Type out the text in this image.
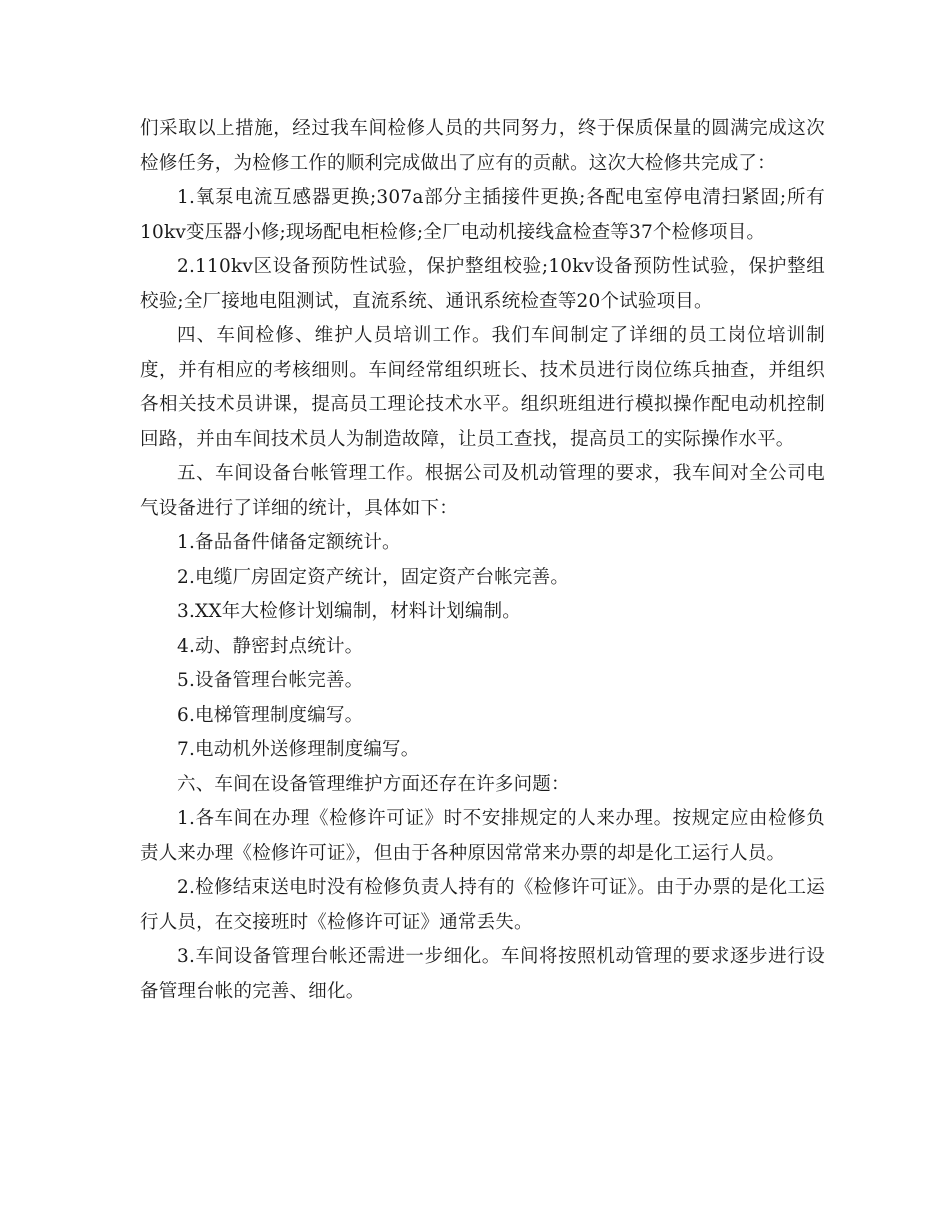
们采取以上措施，经过我车间检修人员的共同努力，终于保质保量的圆满完成这次检修任务，为检修工作的顺利完成做出了应有的贡献。这次大检修共完成了：

1.氧泵电流互感器更换;307a部分主插接件更换;各配电室停电清扫紧固;所有10kv变压器小修;现场配电柜检修;全厂电动机接线盒检查等37个检修项目。

2.110kv区设备预防性试验，保护整组校验;10kv设备预防性试验，保护整组校验;全厂接地电阻测试，直流系统、通讯系统检查等20个试验项目。

四、车间检修、维护人员培训工作。我们车间制定了详细的员工岗位培训制度，并有相应的考核细则。车间经常组织班长、技术员进行岗位练兵抽查，并组织各相关技术员讲课，提高员工理论技术水平。组织班组进行模拟操作配电动机控制回路，并由车间技术员人为制造故障，让员工查找，提高员工的实际操作水平。

五、车间设备台帐管理工作。根据公司及机动管理的要求，我车间对全公司电气设备进行了详细的统计，具体如下：

1.备品备件储备定额统计。

2.电缆厂房固定资产统计，固定资产台帐完善。

3.XX年大检修计划编制，材料计划编制。

4.动、静密封点统计。

5.设备管理台帐完善。

6.电梯管理制度编写。

7.电动机外送修理制度编写。

六、车间在设备管理维护方面还存在许多问题：

1.各车间在办理《检修许可证》时不安排规定的人来办理。按规定应由检修负责人来办理《检修许可证》，但由于各种原因常常来办票的却是化工运行人员。

2.检修结束送电时没有检修负责人持有的《检修许可证》。由于办票的是化工运行人员，在交接班时《检修许可证》通常丢失。

3.车间设备管理台帐还需进一步细化。车间将按照机动管理的要求逐步进行设备管理台帐的完善、细化。
